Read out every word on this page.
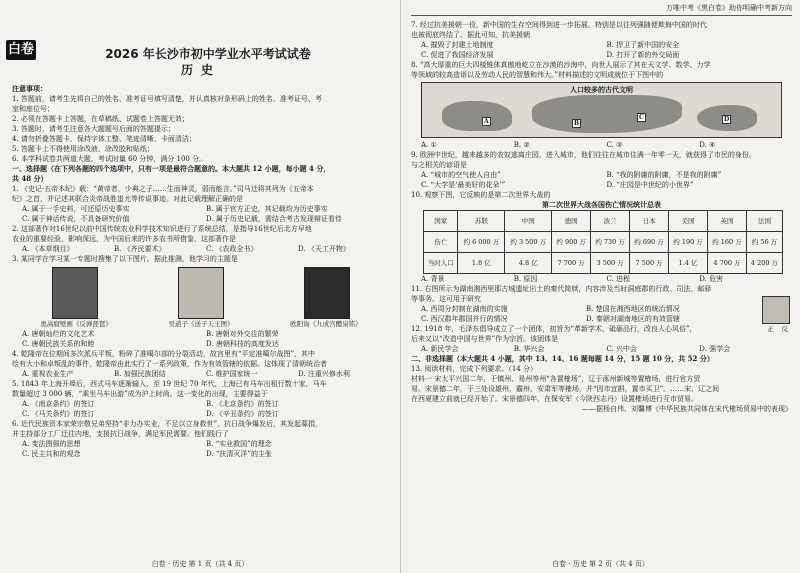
白卷	2026 年长沙市初中学业水平考试试卷
历史

注意事项：

1. 答题前，请考生先将自己的姓名、准考证号填写清楚，并认真核对条形码上的姓名、准考证号、考

室和座位号；

2. 必须在答题卡上答题，在草稿纸、试题卷上答题无效；

3. 答题时，请考生注意各大题题号后面的答题提示；

4. 请勿折叠答题卡，保持字体工整、笔迹清晰、卡面清洁；

5. 答题卡上不得使用涂改液、涂改胶和贴纸；

6. 本学科试卷共两道大题，考试时量 60 分钟，满分 100 分。

一、选择题（在下列各题的四个选项中，只有一项是最符合题意的。本大题共 12 小题，每小题 4 分，

共 48 分）

1. 《史记·五帝本纪》载：“黄帝者，少典之子……生而神灵，弱而能言。”司马迁将其列为《五帝本

纪》之首，并记述其联合炎帝战胜蚩尤等传说事迹。对此记载理解正确的是

A. 属于一手史料，可还原历史事实	B. 属于官方正史，其记载均为历史事实
C. 属于神话传说，不具备研究价值	D. 属于历史记载，需结合考古发现辩证看待

2. 这部著作对16世纪以前中国传统农业科学技术知识进行了系统总结，是指导16世纪后北方早地

农业的重要经验，影响深远，为中国后来的许多农书所借鉴，这部著作是

A. 《本草纲目》	B. 《齐民要术》	C. 《农政全书》	D. 《天工开物》

3. 某同学在学习某一专题时搜集了以下图片。据此推测，他学习的主题是

奥高窟壁画《反弹琵琶》	吴道子《送子天王图》	欧阳询《九成宫醴泉铭》
A. 唐朝灿烂的文化艺术	B. 唐朝对外交往的繁荣
C. 唐朝民族关系的和睦	D. 唐朝科技的高度发达

4. 乾隆帝在位期间多次派兵平叛，粉碎了准噶尔部的分裂活动，故宫里有“平定准噶尔战图”，其中

绘有大小和卓叛乱的事件，乾隆帝由此实行了一系列政策，作为有效管辖的依据。这体现了清朝统治者

A. 重视农业生产	B. 加强民族团结	C. 维护国家统一	D. 注重兴修水利

5. 1843 年上海开埠后，西式马车逐渐输入，至 19 世纪 70 年代，上海已有马车出租行数十家，马车

数量超过 3 000 辆，“乘坐马车出游”成为沪上时尚。这一变化的出现，主要得益于

A. 《南京条约》的签订	B. 《北京条约》的签订
C. 《马关条约》的签订	D. 《辛丑条约》的签订

6. 近代民族资本家荣宗敬兄弟坚持“非力办实业，不足以立身救世”，抗日战争爆发后，其发起募捐，

并主持部分工厂迁往内地，支援抗日战争，满足军民需要。他们践行了

A. 变法图强的思想	B. “实业救国”的理念
C. 民主共和的观念	D. “扶清灭洋”的主张
白卷 · 历史 第 1 页（共 4 页）
万唯中考《黑白卷》助你明确中考新方向

7. 经过抗美援朝一役，新中国的生存空间得到进一步拓展。特别是以往列强随便欺侮中国的时代

也被彻底终结了。据此可知，抗美援朝

A. 摧毁了封建土地制度	B. 捍卫了新中国的安全
C. 促进了我国经济发展	D. 打开了新的外交局面

8. “高大厚重的巨大四棱锥体真傲地屹立在沙漠的沙海中，向世人展示了其在天文学、数学、力学

等领域的较高造诣以及劳动人民的智慧和伟大。”材料描述的文明成就位于下图中的

人口较多的古代文明
A	B
C	D
A. ①	B. ②	C. ③	D. ④

9. 欧洲中世纪，越来越多的农奴逃离庄园，进入城市，他们往往在城市住满一年零一天，就获得了市民的身份。

与之相关的谚语是

A. “城市的空气使人自由”	B. “我的附庸的附庸，不是我的附庸”
C. “大学是‘最美好的花朵’”	D. “庄园是中世纪的小世界”

10. 观察下图，它反映的是第二次世界大战的

第二次世界大战各国伤亡情况统计总表
国家	苏联	中国	德国	波兰	日本	美国	英国	法国
伤亡	约 6 000 万	约 3 500 万	约 900 万	约 730 万	约 690 万	约 190 万	约 160 万	约 56 万
当时人口	1.8 亿	4.8 亿	7 700 万	3 500 万	7 500 万	1.4 亿	4 700 万	4 200 万
A. 背景	B. 原因	C. 进程	D. 危害

11. 右图所示为湖南湘西里耶古城遗址出土的秦代简牍，内容涉及当时洞庭郡的行政、司法、邮驿

等事务。这可用于研究

A. 西周分封制在湖南的实施	B. 楚国在湘西地区的统治情况
C. 西汉郡年郡国并行的情况	D. 秦朝对湖南地区的有效管辖
正 反

12. 1918 年，毛泽东倡导成立了一个团体，初旨为“革新学术，砥砺品行，改良人心风俗”，

后来又以“改造中国与世界”作为宗旨。该团体是

A. 新民学会	B. 华兴会	C. 兴中会	D. 强学会

二、非选择题（本大题共 4 小题，其中 13、14、16 题每题 14 分，15 题 10 分，共 52 分）

13. 阅读材料，完成下列要求。（14 分）

材料一 宋太平兴国二年，于镇州、易州等州“各置榷场”，辽于涿州新城等置榷场，进行官方贸

易。宋景德二年，于三处设雄州、霸州、安肃军等榷场，并“因市宜斟，置市买卫”。……宋、辽之间

在西夏建立前就已经开始了。宋景德四年，在保安军（今陕西志丹）设置榷场进行互市贸易。

——据杨自伟、刘馨博《中华民族共同体在宋代榷场贸易中的表现》

白卷 · 历史 第 2 页（共 4 页）
